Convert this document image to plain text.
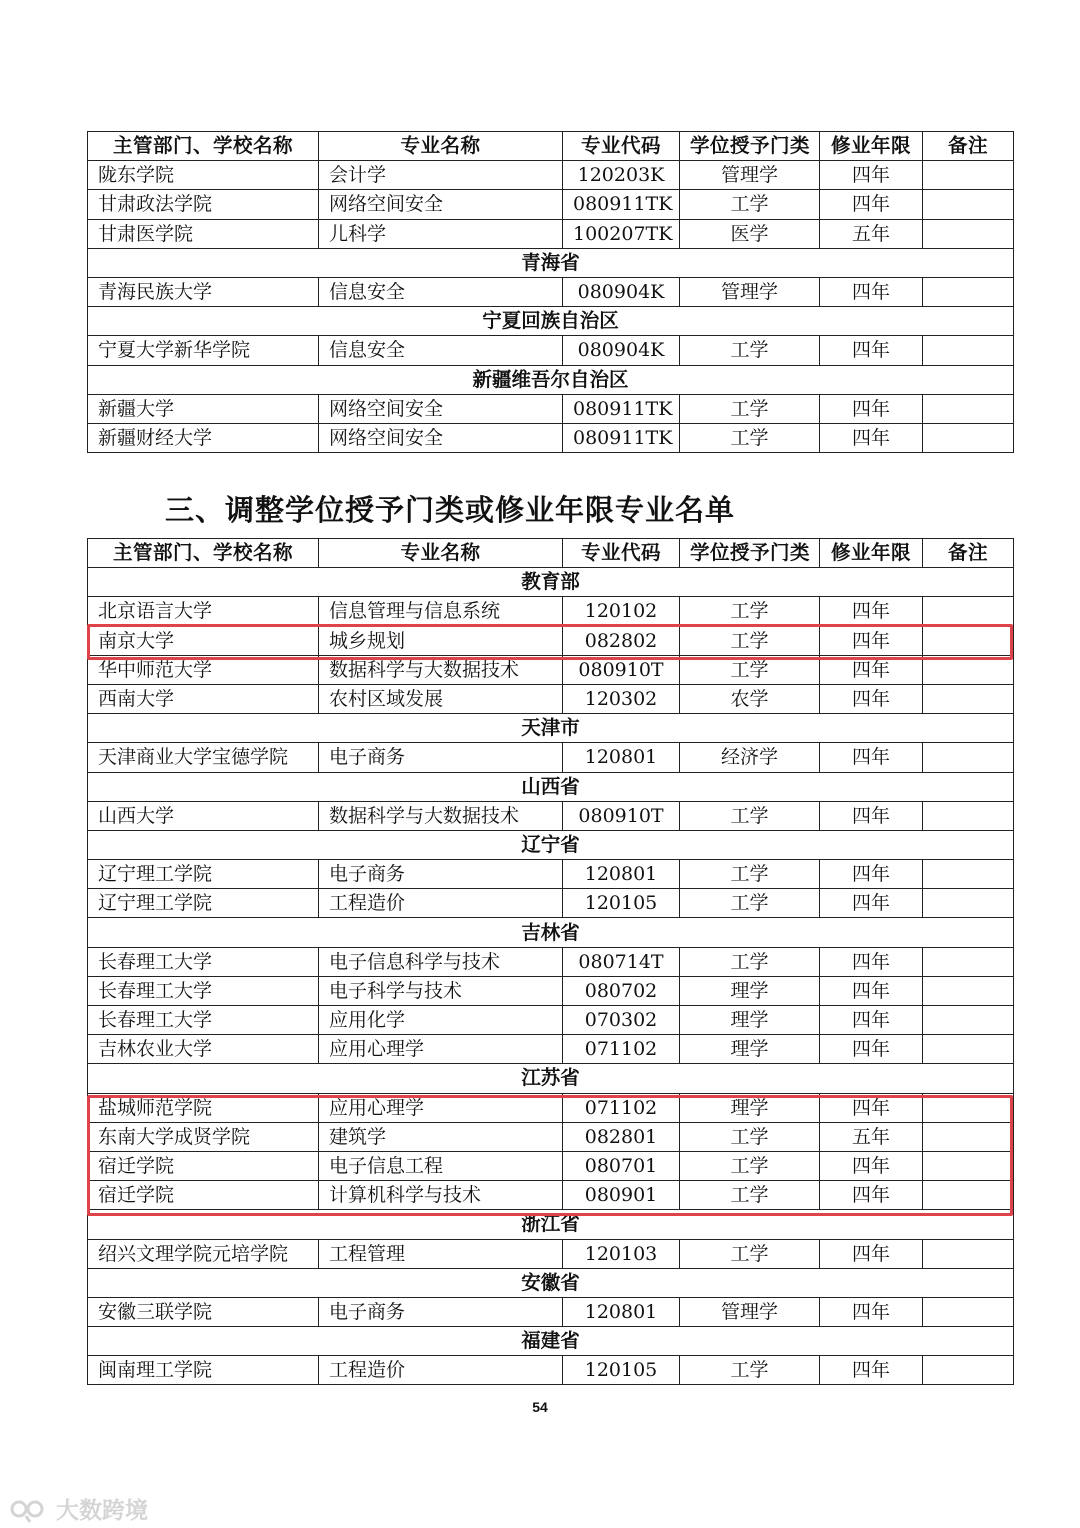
主管部门、学校名称	专业名称	专业代码	学位授予门类	修业年限	备注
陇东学院	会计学	120203K	管理学	四年	
甘肃政法学院	网络空间安全	080911TK	工学	四年	
甘肃医学院	儿科学	100207TK	医学	五年	
青海省					
青海民族大学	信息安全	080904K	管理学	四年	
宁夏回族自治区					
宁夏大学新华学院	信息安全	080904K	工学	四年	
新疆维吾尔自治区					
新疆大学	网络空间安全	080911TK	工学	四年	
新疆财经大学	网络空间安全	080911TK	工学	四年	
三、调整学位授予门类或修业年限专业名单
主管部门、学校名称	专业名称	专业代码	学位授予门类	修业年限	备注
教育部					
北京语言大学	信息管理与信息系统	120102	工学	四年	
南京大学	城乡规划	082802	工学	四年	
华中师范大学	数据科学与大数据技术	080910T	工学	四年	
西南大学	农村区域发展	120302	农学	四年	
天津市					
天津商业大学宝德学院	电子商务	120801	经济学	四年	
山西省					
山西大学	数据科学与大数据技术	080910T	工学	四年	
辽宁省					
辽宁理工学院	电子商务	120801	工学	四年	
辽宁理工学院	工程造价	120105	工学	四年	
吉林省					
长春理工大学	电子信息科学与技术	080714T	工学	四年	
长春理工大学	电子科学与技术	080702	理学	四年	
长春理工大学	应用化学	070302	理学	四年	
吉林农业大学	应用心理学	071102	理学	四年	
江苏省					
盐城师范学院	应用心理学	071102	理学	四年	
东南大学成贤学院	建筑学	082801	工学	五年	
宿迁学院	电子信息工程	080701	工学	四年	
宿迁学院	计算机科学与技术	080901	工学	四年	
浙江省					
绍兴文理学院元培学院	工程管理	120103	工学	四年	
安徽省					
安徽三联学院	电子商务	120801	管理学	四年	
福建省					
闽南理工学院	工程造价	120105	工学	四年	
54
大数跨境
